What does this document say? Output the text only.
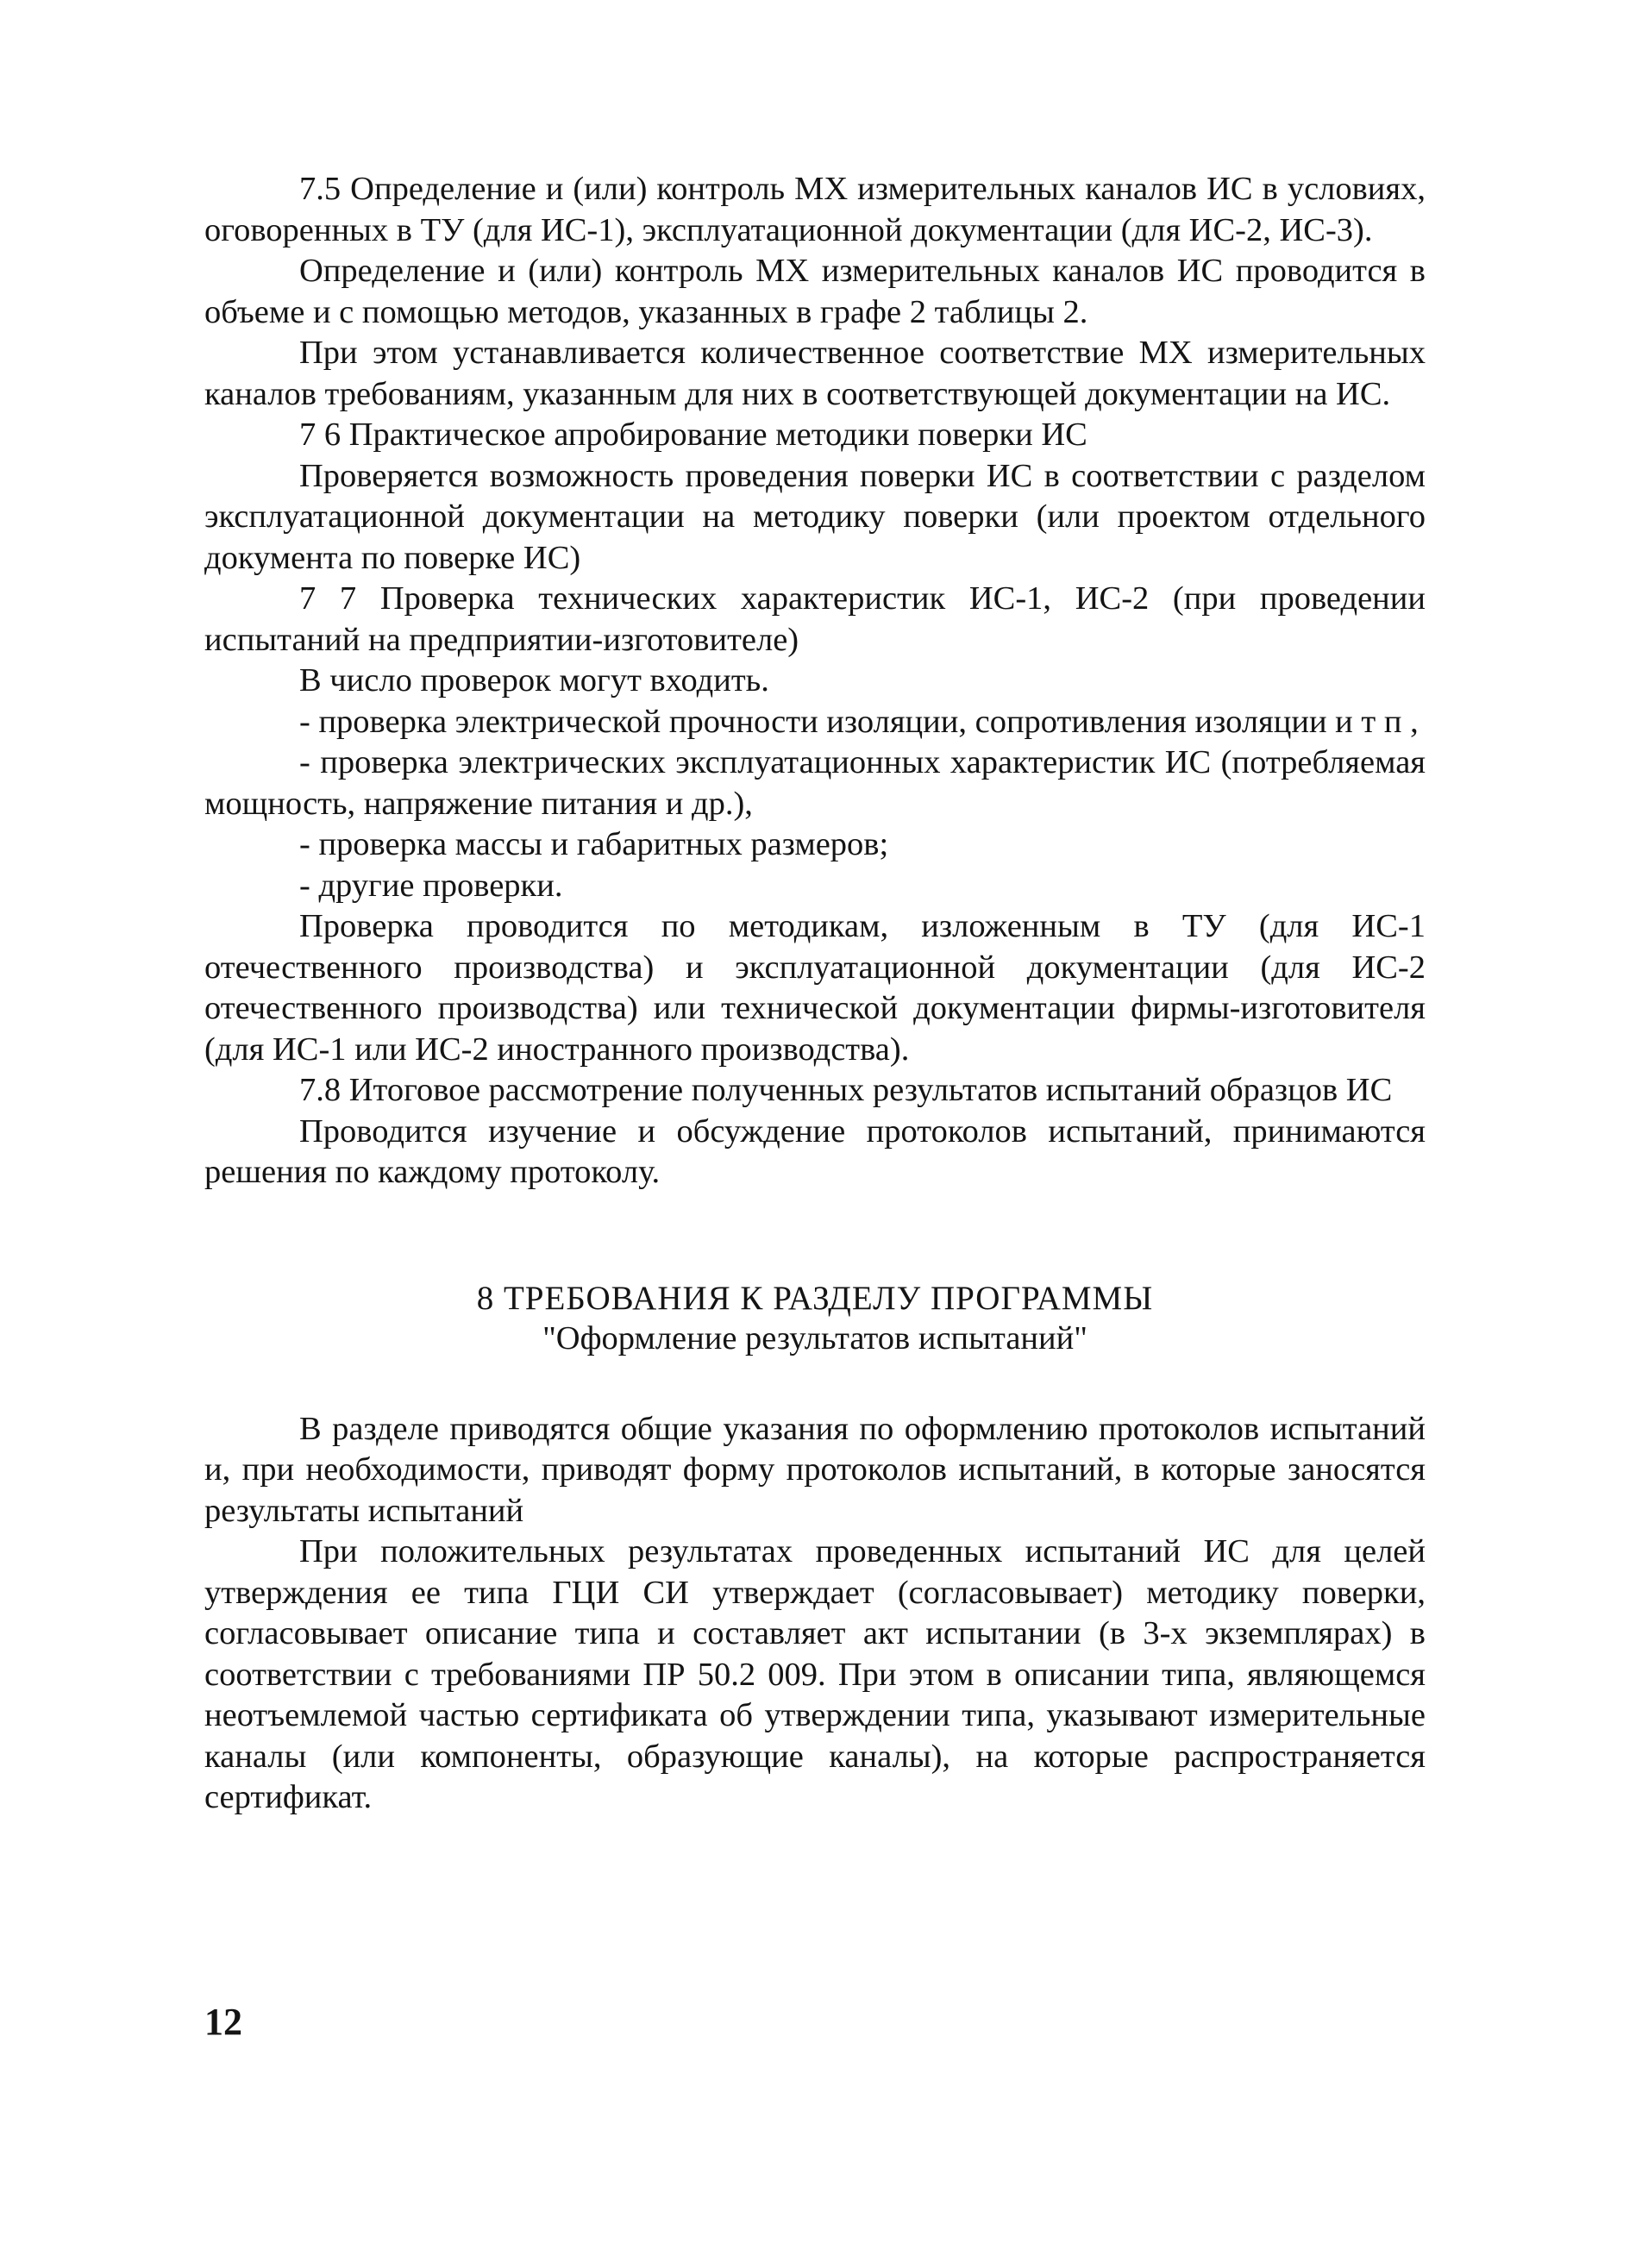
7.5 Определение и (или) контроль МХ измерительных каналов ИС в условиях, оговоренных в ТУ (для ИС-1), эксплуатационной документации (для ИС-2, ИС-3).

Определение и (или) контроль МХ измерительных каналов ИС проводится в объеме и с помощью методов, указанных в графе 2 таблицы 2.

При этом устанавливается количественное соответствие МХ измерительных каналов требованиям, указанным для них в соответствующей документации на ИС.

7 6 Практическое апробирование методики поверки ИС

Проверяется возможность проведения поверки ИС в соответствии с разделом эксплуатационной документации на методику поверки (или проектом отдельного документа по поверке ИС)

7 7 Проверка технических характеристик ИС-1, ИС-2 (при проведении испытаний на предприятии-изготовителе)

В число проверок могут входить.

- проверка электрической прочности изоляции, сопротивления изоляции и т п ,

- проверка электрических эксплуатационных характеристик ИС (потребляемая мощность, напряжение питания и др.),

- проверка массы и габаритных размеров;

- другие проверки.

Проверка проводится по методикам, изложенным в ТУ (для ИС-1 отечественного производства) и эксплуатационной документации (для ИС-2 отечественного производства) или технической документации фирмы-изготовителя (для ИС-1 или ИС-2 иностранного производства).

7.8 Итоговое рассмотрение полученных результатов испытаний образцов ИС

Проводится изучение и обсуждение протоколов испытаний, принимаются решения по каждому протоколу.

8 ТРЕБОВАНИЯ К РАЗДЕЛУ ПРОГРАММЫ

"Оформление результатов испытаний"

В разделе приводятся общие указания по оформлению протоколов испытаний и, при необходимости, приводят форму протоколов испытаний, в которые заносятся результаты испытаний

При положительных результатах проведенных испытаний ИС для целей утверждения ее типа ГЦИ СИ утверждает (согласовывает) методику поверки, согласовывает описание типа и составляет акт испытании (в 3-х экземплярах) в соответствии с требованиями ПР 50.2 009. При этом в описании типа, являющемся неотъемлемой частью сертификата об утверждении типа, указывают измерительные каналы (или компоненты, образующие каналы), на которые распространяется сертификат.

12
